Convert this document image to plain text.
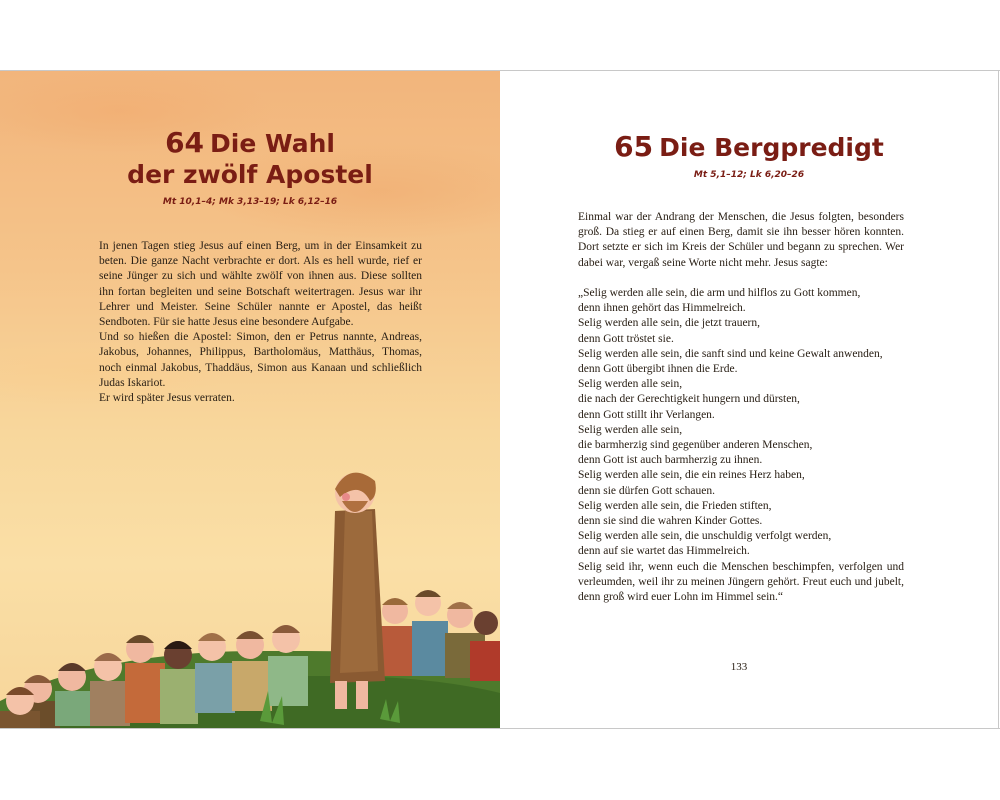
64 Die Wahl
der zwölf Apostel
Mt 10,1–4; Mk 3,13–19; Lk 6,12–16

In jenen Tagen stieg Jesus auf einen Berg, um in der Einsamkeit zu beten. Die ganze Nacht verbrachte er dort. Als es hell wurde, rief er seine Jünger zu sich und wählte zwölf von ihnen aus. Diese sollten ihn fortan begleiten und seine Botschaft weitertragen. Jesus war ihr Lehrer und Meister. Seine Schüler nannte er Apostel, das heißt Sendboten. Für sie hatte Jesus eine besondere Aufgabe.

Und so hießen die Apostel: Simon, den er Petrus nannte, Andreas, Jakobus, Johannes, Philippus, Bartholomäus, Matthäus, Thomas, noch einmal Jakobus, Thaddäus, Simon aus Kanaan und schließlich Judas Iskariot.

Er wird später Jesus verraten.

65 Die Bergpredigt
Mt 5,1–12; Lk 6,20–26
Einmal war der Andrang der Menschen, die Jesus folgten, besonders groß. Da stieg er auf einen Berg, damit sie ihn besser hören konnten. Dort setzte er sich im Kreis der Schüler und begann zu sprechen. Wer dabei war, vergaß seine Worte nicht mehr. Jesus sagte:
„Selig werden alle sein, die arm und hilflos zu Gott kommen,
denn ihnen gehört das Himmelreich.
Selig werden alle sein, die jetzt trauern,
denn Gott tröstet sie.
Selig werden alle sein, die sanft sind und keine Gewalt anwenden,
denn Gott übergibt ihnen die Erde.
Selig werden alle sein,
die nach der Gerechtigkeit hungern und dürsten,
denn Gott stillt ihr Verlangen.
Selig werden alle sein,
die barmherzig sind gegenüber anderen Menschen,
denn Gott ist auch barmherzig zu ihnen.
Selig werden alle sein, die ein reines Herz haben,
denn sie dürfen Gott schauen.
Selig werden alle sein, die Frieden stiften,
denn sie sind die wahren Kinder Gottes.
Selig werden alle sein, die unschuldig verfolgt werden,
denn auf sie wartet das Himmelreich.
Selig seid ihr, wenn euch die Menschen beschimpfen, verfolgen und verleumden, weil ihr zu meinen Jüngern gehört. Freut euch und jubelt, denn groß wird euer Lohn im Himmel sein.“
133
